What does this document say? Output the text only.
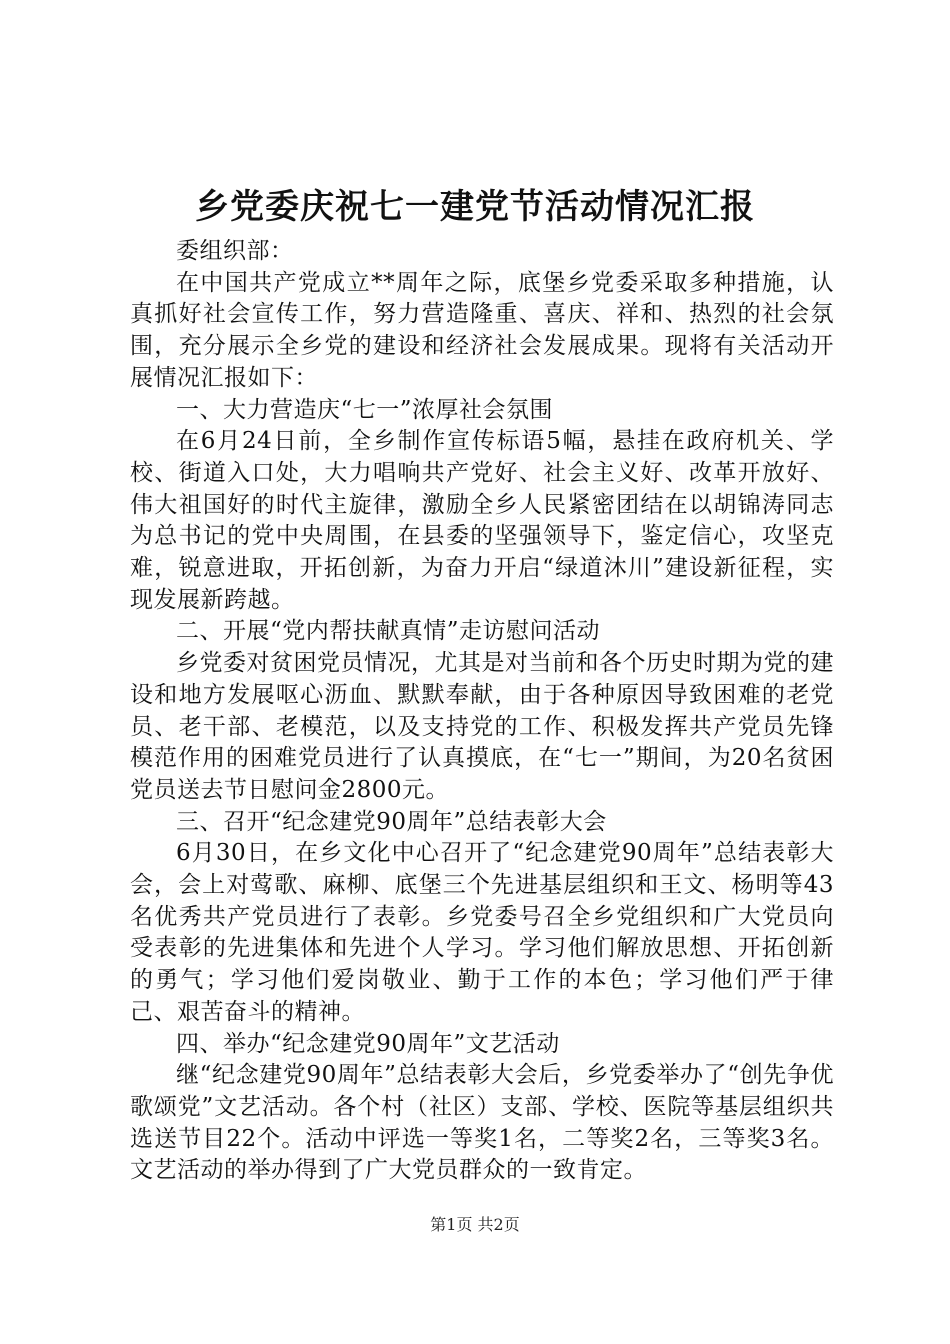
乡党委庆祝七一建党节活动情况汇报

委组织部：

在中国共产党成立**周年之际，底堡乡党委采取多种措施，认真抓好社会宣传工作，努力营造隆重、喜庆、祥和、热烈的社会氛围，充分展示全乡党的建设和经济社会发展成果。现将有关活动开展情况汇报如下：

一、大力营造庆“七一”浓厚社会氛围

在6月24日前，全乡制作宣传标语5幅，悬挂在政府机关、学校、街道入口处，大力唱响共产党好、社会主义好、改革开放好、伟大祖国好的时代主旋律，激励全乡人民紧密团结在以胡锦涛同志为总书记的党中央周围，在县委的坚强领导下，鉴定信心，攻坚克难，锐意进取，开拓创新，为奋力开启“绿道沐川”建设新征程，实现发展新跨越。

二、开展“党内帮扶献真情”走访慰问活动

乡党委对贫困党员情况，尤其是对当前和各个历史时期为党的建设和地方发展呕心沥血、默默奉献，由于各种原因导致困难的老党员、老干部、老模范，以及支持党的工作、积极发挥共产党员先锋模范作用的困难党员进行了认真摸底，在“七一”期间，为20名贫困党员送去节日慰问金2800元。

三、召开“纪念建党90周年”总结表彰大会

6月30日，在乡文化中心召开了“纪念建党90周年”总结表彰大会，会上对莺歌、麻柳、底堡三个先进基层组织和王文、杨明等43名优秀共产党员进行了表彰。乡党委号召全乡党组织和广大党员向受表彰的先进集体和先进个人学习。学习他们解放思想、开拓创新的勇气；学习他们爱岗敬业、勤于工作的本色；学习他们严于律己、艰苦奋斗的精神。

四、举办“纪念建党90周年”文艺活动

继“纪念建党90周年”总结表彰大会后，乡党委举办了“创先争优歌颂党”文艺活动。各个村（社区）支部、学校、医院等基层组织共选送节目22个。活动中评选一等奖1名，二等奖2名，三等奖3名。文艺活动的举办得到了广大党员群众的一致肯定。

第1页 共2页
